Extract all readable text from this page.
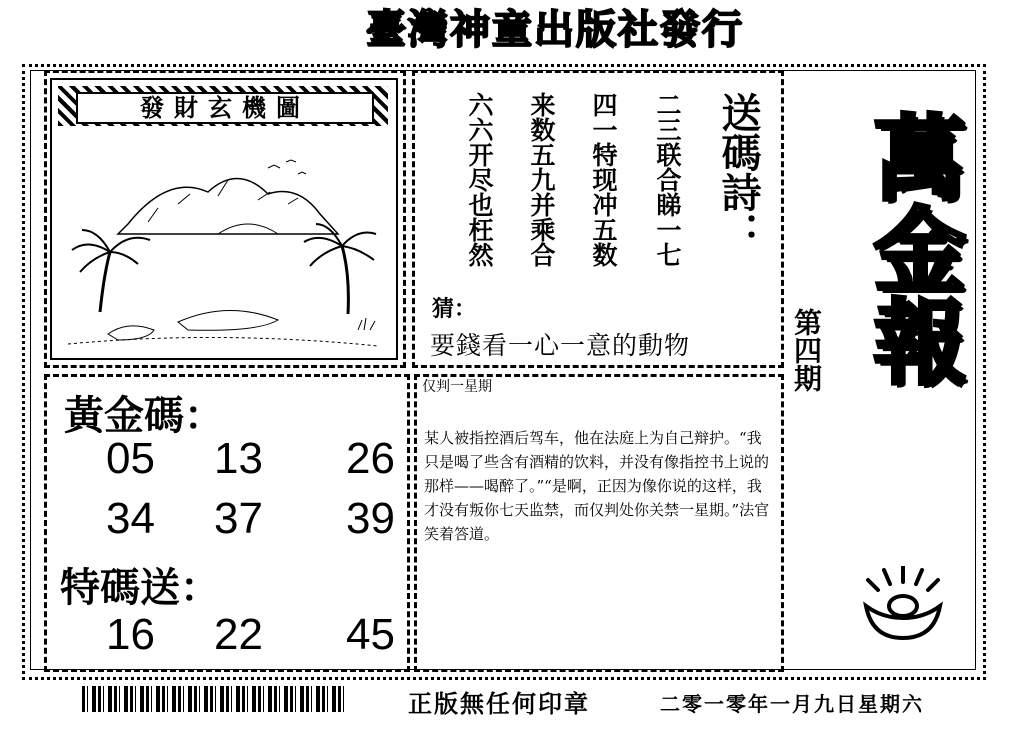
臺灣神童出版社發行
發財玄機圖	二三联合睇一七
四一特现冲五数
来数五九并乘合
六六开尽也枉然	送碼詩：
猜：
要錢看一心一意的動物
黃金碼：
05 13 26
34 37 39
特碼送：
16 22 45
仅判一星期
某人被指控酒后驾车，他在法庭上为自己辩护。“我只是喝了些含有酒精的饮料，并没有像指控书上说的那样——喝醉了。”“是啊，正因为像你说的这样，我才没有叛你七天监禁，而仅判处你关禁一星期。”法官笑着答道。
第四期 萬金報
正版無任何印章	二零一零年一月九日星期六
